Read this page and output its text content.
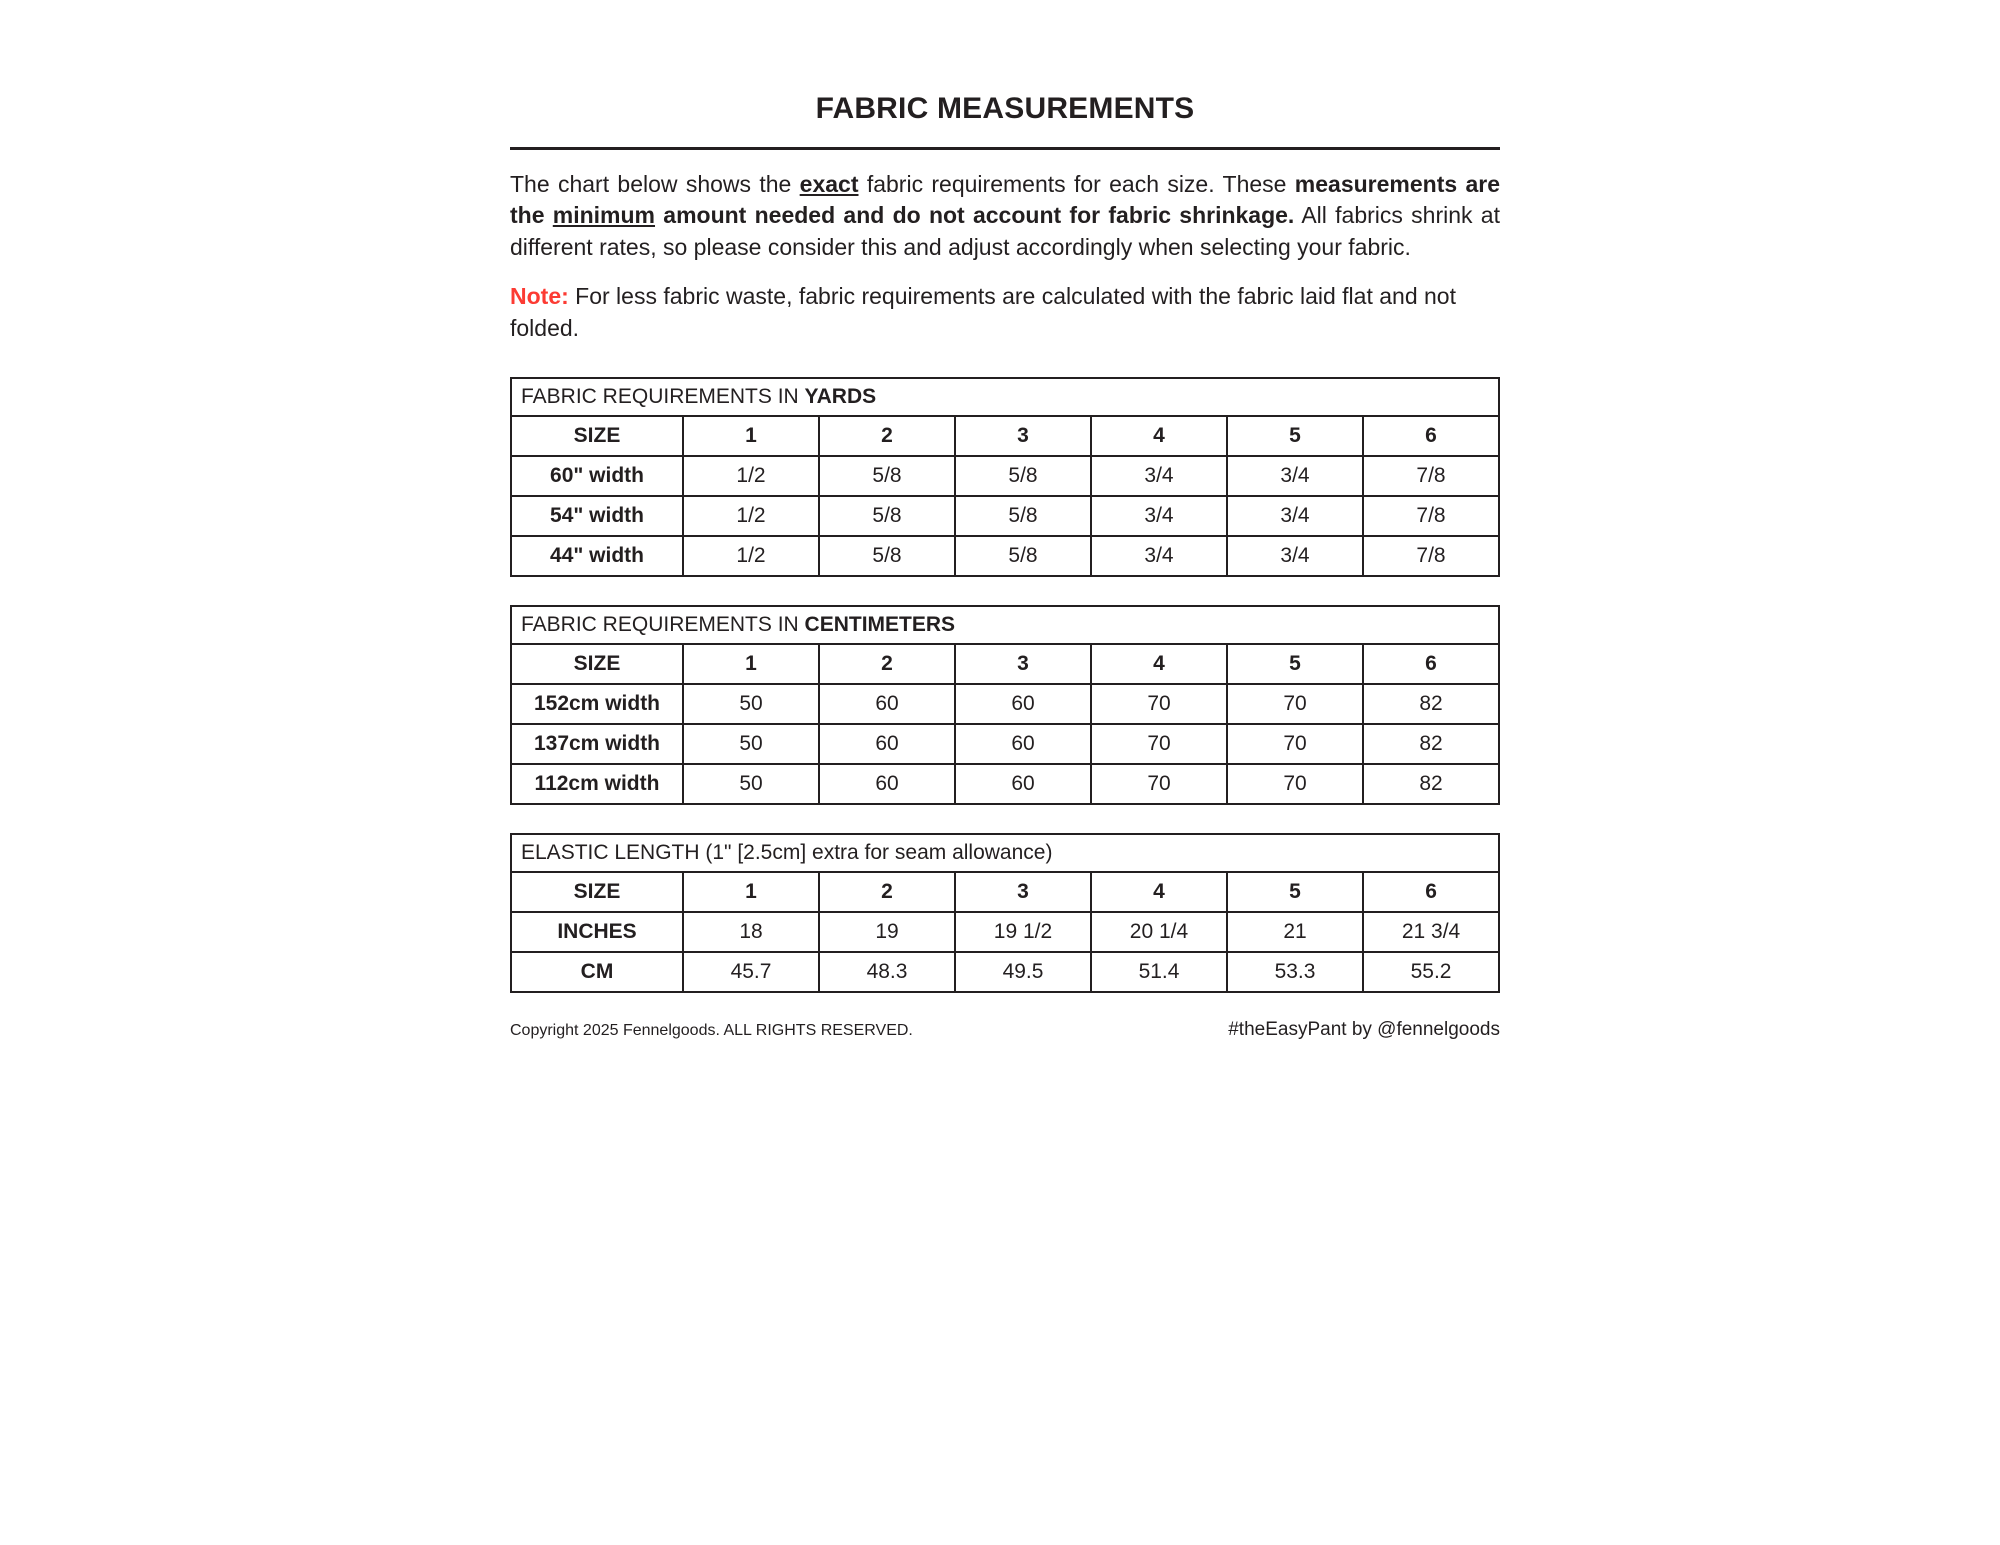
FABRIC MEASUREMENTS

The chart below shows the exact fabric requirements for each size. These measurements are the minimum amount needed and do not account for fabric shrinkage. All fabrics shrink at different rates, so please consider this and adjust accordingly when selecting your fabric.

Note: For less fabric waste, fabric requirements are calculated with the fabric laid flat and not folded.

FABRIC REQUIREMENTS IN YARDS						
SIZE	1	2	3	4	5	6
60" width	1/2	5/8	5/8	3/4	3/4	7/8
54" width	1/2	5/8	5/8	3/4	3/4	7/8
44" width	1/2	5/8	5/8	3/4	3/4	7/8
FABRIC REQUIREMENTS IN CENTIMETERS						
SIZE	1	2	3	4	5	6
152cm width	50	60	60	70	70	82
137cm width	50	60	60	70	70	82
112cm width	50	60	60	70	70	82
ELASTIC LENGTH (1" [2.5cm] extra for seam allowance)						
SIZE	1	2	3	4	5	6
INCHES	18	19	19 1/2	20 1/4	21	21 3/4
CM	45.7	48.3	49.5	51.4	53.3	55.2
Copyright 2025 Fennelgoods. ALL RIGHTS RESERVED.	#theEasyPant by @fennelgoods
